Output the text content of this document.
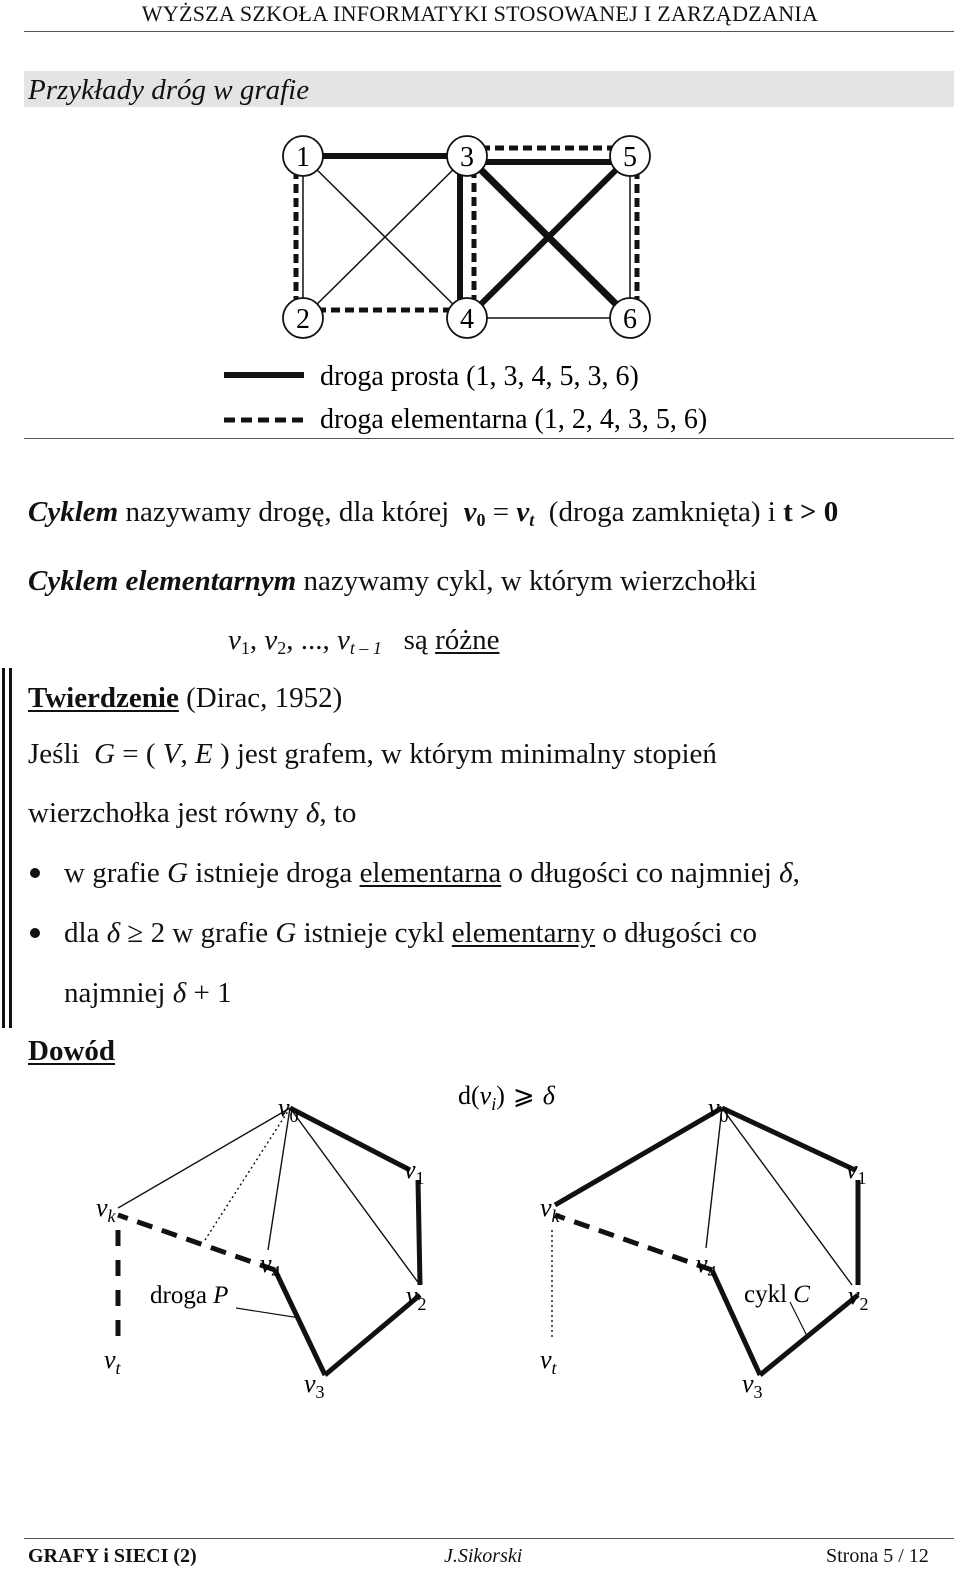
WYŻSZA SZKOŁA INFORMATYKI STOSOWANEJ I ZARZĄDZANIA
Przykłady dróg w grafie
1	3	5
2	4	6
droga prosta (1, 3, 4, 5, 3, 6)
droga elementarna (1, 2, 4, 3, 5, 6)
Cyklem nazywamy drogę, dla której $v_0 = v_t$ (droga zamknięta) i t > 0
Cyklem elementarnym nazywamy cykl, w którym wierzchołki
$v_1$, $v_2$, ..., $v_{t - 1}$ są różne
Twierdzenie (Dirac, 1952)
Jeśli G = ( V, E ) jest grafem, w którym minimalny stopień
wierzchołka jest równy δ, to
w grafie G istnieje droga elementarna o długości co najmniej δ,
dla δ ≥ 2 w grafie G istnieje cykl elementarny o długości co
najmniej δ + 1
Dowód
$d(v_i)$ ⩾ δ
$v_0$
$v_1$
$v_k$
$v_4$
$v_2$
$v_t$
$v_3$
droga P
$v_0$
$v_1$
$v_k$
$v_4$
$v_2$
$v_t$
$v_3$
cykl C
GRAFY i SIECI (2)	J.Sikorski	Strona 5 / 12
